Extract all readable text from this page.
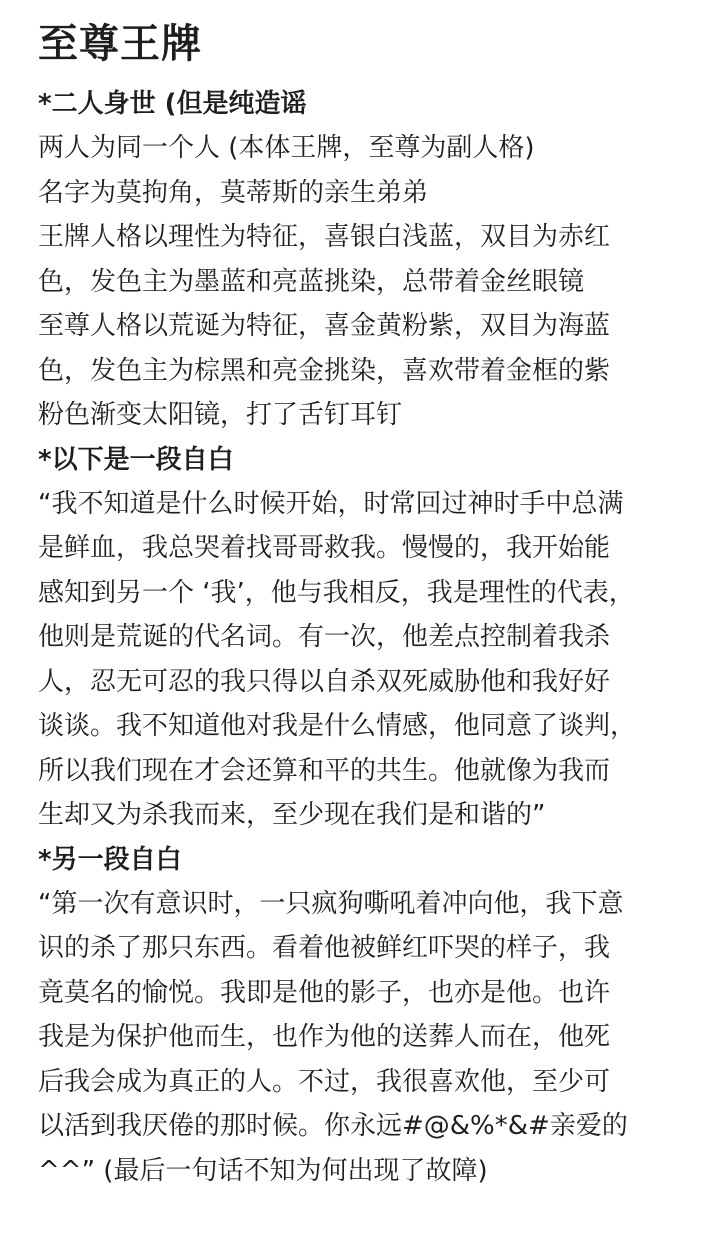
至尊王牌

*二人身世 (但是纯造谣

两人为同一个人 (本体王牌，至尊为副人格)

名字为莫拘角，莫蒂斯的亲生弟弟

王牌人格以理性为特征，喜银白浅蓝，双目为赤红

色，发色主为墨蓝和亮蓝挑染，总带着金丝眼镜

至尊人格以荒诞为特征，喜金黄粉紫，双目为海蓝

色，发色主为棕黑和亮金挑染，喜欢带着金框的紫

粉色渐变太阳镜，打了舌钉耳钉

*以下是一段自白

“我不知道是什么时候开始，时常回过神时手中总满

是鲜血，我总哭着找哥哥救我。慢慢的，我开始能

感知到另一个 ‘我’，他与我相反，我是理性的代表，

他则是荒诞的代名词。有一次，他差点控制着我杀

人，忍无可忍的我只得以自杀双死威胁他和我好好

谈谈。我不知道他对我是什么情感，他同意了谈判，

所以我们现在才会还算和平的共生。他就像为我而

生却又为杀我而来，至少现在我们是和谐的”

*另一段自白

“第一次有意识时，一只疯狗嘶吼着冲向他，我下意

识的杀了那只东西。看着他被鲜红吓哭的样子，我

竟莫名的愉悦。我即是他的影子，也亦是他。也许

我是为保护他而生，也作为他的送葬人而在，他死

后我会成为真正的人。不过，我很喜欢他，至少可

以活到我厌倦的那时候。你永远#@&%*&#亲爱的

^^” (最后一句话不知为何出现了故障)
